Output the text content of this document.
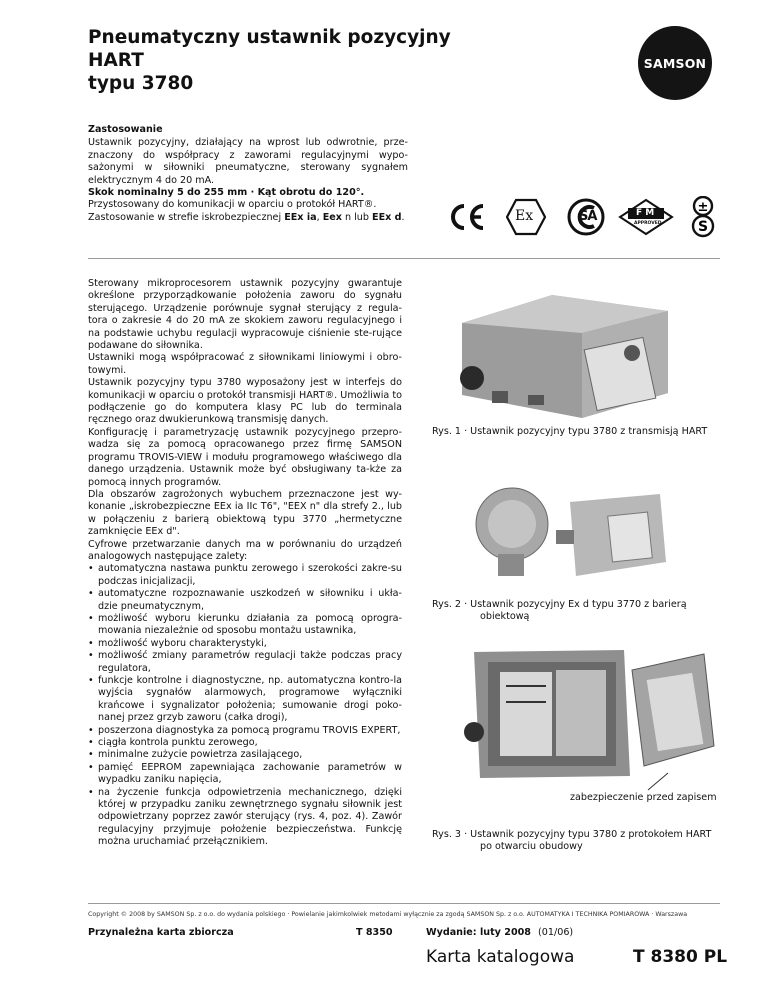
Pneumatyczny ustawnik pozycyjny HART
typu 3780
SAMSON

Zastosowanie

Ustawnik pozycyjny, działający na wprost lub odwrotnie, prze-znaczony do współpracy z zaworami regulacyjnymi wypo-sażonymi w siłowniki pneumatyczne, sterowany sygnałem elektrycznym 4 do 20 mA.

Skok nominalny 5 do 255 mm · Kąt obrotu do 120°.

Przystosowany do komunikacji w oparciu o protokół HART®.

Zastosowanie w strefie iskrobezpiecznej EEx ia, Eex n lub EEx d.	Ex	SA	F M
APPROVED
±
S

Sterowany mikroprocesorem ustawnik pozycyjny gwarantuje określone przyporządkowanie położenia zaworu do sygnału sterującego. Urządzenie porównuje sygnał sterujący z regula-tora o zakresie 4 do 20 mA ze skokiem zaworu regulacyjnego i na podstawie uchybu regulacji wypracowuje ciśnienie ste-rujące podawane do siłownika.

Ustawniki mogą współpracować z siłownikami liniowymi i obro-towymi.

Ustawnik pozycyjny typu 3780 wyposażony jest w interfejs do komunikacji w oparciu o protokół transmisji HART®. Umożliwia to podłączenie go do komputera klasy PC lub do terminala ręcznego oraz dwukierunkową transmisję danych.

Konfigurację i parametryzację ustawnik pozycyjnego przepro-wadza się za pomocą opracowanego przez firmę SAMSON programu TROVIS-VIEW i modułu programowego właściwego dla danego urządzenia. Ustawnik może być obsługiwany ta-kże za pomocą innych programów.

Dla obszarów zagrożonych wybuchem przeznaczone jest wy-konanie „iskrobezpieczne EEx ia IIc T6", "EEX n" dla strefy 2., lub w połączeniu z barierą obiektową typu 3770 „hermetyczne zamknięcie EEx d".

Cyfrowe przetwarzanie danych ma w porównaniu do urządzeń analogowych następujące zalety:

• automatyczna nastawa punktu zerowego i szerokości zakre-su podczas inicjalizacji,
• automatyczne rozpoznawanie uszkodzeń w siłowniku i ukła-dzie pneumatycznym,
• możliwość wyboru kierunku działania za pomocą oprogra-mowania niezależnie od sposobu montażu ustawnika,
• możliwość wyboru charakterystyki,
• możliwość zmiany parametrów regulacji także podczas pracy regulatora,
• funkcje kontrolne i diagnostyczne, np. automatyczna kontro-la wyjścia sygnałów alarmowych, programowe wyłączniki krańcowe i sygnalizator położenia; sumowanie drogi poko-nanej przez grzyb zaworu (całka drogi),
• poszerzona diagnostyka za pomocą programu TROVIS EXPERT,
• ciągła kontrola punktu zerowego,
• minimalne zużycie powietrza zasilającego,
• pamięć EEPROM zapewniająca zachowanie parametrów w wypadku zaniku napięcia,
• na życzenie funkcja odpowietrzenia mechanicznego, dzięki której w przypadku zaniku zewnętrznego sygnału siłownik jest odpowietrzany poprzez zawór sterujący (rys. 4, poz. 4). Zawór regulacyjny przyjmuje położenie bezpieczeństwa. Funkcję można uruchamiać przełącznikiem.
Rys. 1 · Ustawnik pozycyjny typu 3780 z transmisją HART
Rys. 2 · Ustawnik pozycyjny Ex d typu 3770 z barierą
obiektową
zabezpieczenie przed zapisem
Rys. 3 · Ustawnik pozycyjny typu 3780 z protokołem HART
po otwarciu obudowy
Copyright © 2008 by SAMSON Sp. z o.o. do wydania polskiego · Powielanie jakimkolwiek metodami wyłącznie za zgodą SAMSON Sp. z o.o. AUTOMATYKA I TECHNIKA POMIAROWA · Warszawa
Przynależna karta zbiorcza	T 8350	Wydanie: luty 2008 (01/06)
Karta katalogowa	T 8380 PL
